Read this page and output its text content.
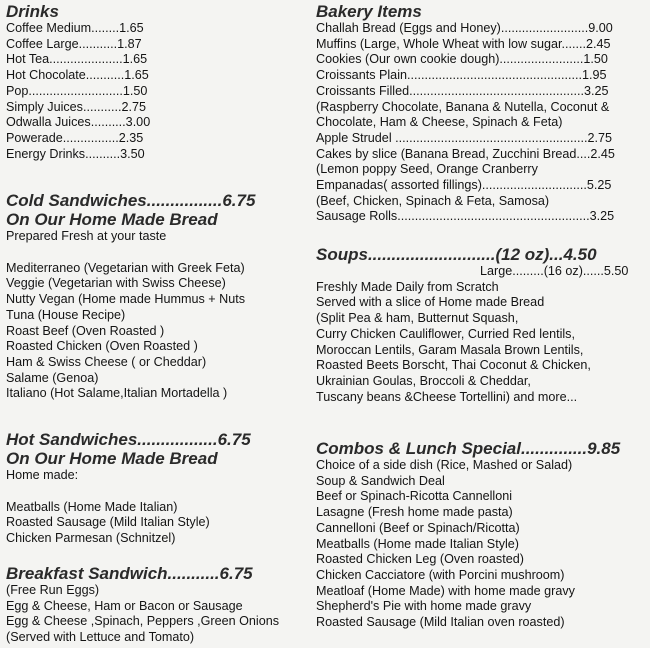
Drinks

Coffee Medium........1.65

Coffee Large...........1.87

Hot Tea.....................1.65

Hot Chocolate...........1.65

Pop...........................1.50

Simply Juices...........2.75

Odwalla Juices..........3.00

Powerade................2.35

Energy Drinks..........3.50

Cold Sandwiches................6.75

On Our Home Made Bread

Prepared Fresh at your taste

Mediterraneo (Vegetarian with Greek Feta)

Veggie (Vegetarian with Swiss Cheese)

Nutty Vegan (Home made Hummus + Nuts

Tuna (House Recipe)

Roast Beef (Oven Roasted )

Roasted Chicken (Oven Roasted )

Ham & Swiss Cheese ( or Cheddar)

Salame (Genoa)

Italiano (Hot Salame,Italian Mortadella )

Hot Sandwiches.................6.75

On Our Home Made Bread

Home made:

Meatballs (Home Made Italian)

Roasted Sausage (Mild Italian Style)

Chicken Parmesan (Schnitzel)

Breakfast Sandwich...........6.75

(Free Run Eggs)

Egg & Cheese, Ham or Bacon or Sausage

Egg & Cheese ,Spinach, Peppers ,Green Onions

(Served with Lettuce and Tomato)

Bakery Items

Challah Bread (Eggs and Honey).........................9.00

Muffins (Large, Whole Wheat with low sugar.......2.45

Cookies (Our own cookie dough)........................1.50

Croissants Plain..................................................1.95

Croissants Filled..................................................3.25

(Raspberry Chocolate, Banana & Nutella, Coconut &

Chocolate, Ham & Cheese, Spinach & Feta)

Apple Strudel .......................................................2.75

Cakes by slice (Banana Bread, Zucchini Bread....2.45

(Lemon poppy Seed, Orange Cranberry

Empanadas( assorted fillings)..............................5.25

(Beef, Chicken, Spinach & Feta, Samosa)

Sausage Rolls.......................................................3.25

Soups...........................(12 oz)...4.50

Large.........(16 oz)......5.50

Freshly Made Daily from Scratch

Served with a slice of Home made Bread

(Split Pea & ham, Butternut Squash,

Curry Chicken Cauliflower, Curried Red lentils,

Moroccan Lentils, Garam Masala Brown Lentils,

Roasted Beets Borscht, Thai Coconut & Chicken,

Ukrainian Goulas, Broccoli & Cheddar,

Tuscany beans &Cheese Tortellini) and more...

Combos & Lunch Special..............9.85

Choice of a side dish (Rice, Mashed or Salad)

Soup & Sandwich Deal

Beef or Spinach-Ricotta Cannelloni

Lasagne (Fresh home made pasta)

Cannelloni (Beef or Spinach/Ricotta)

Meatballs (Home made Italian Style)

Roasted Chicken Leg (Oven roasted)

Chicken Cacciatore (with Porcini mushroom)

Meatloaf (Home Made) with home made gravy

Shepherd's Pie with home made gravy

Roasted Sausage (Mild Italian oven roasted)
